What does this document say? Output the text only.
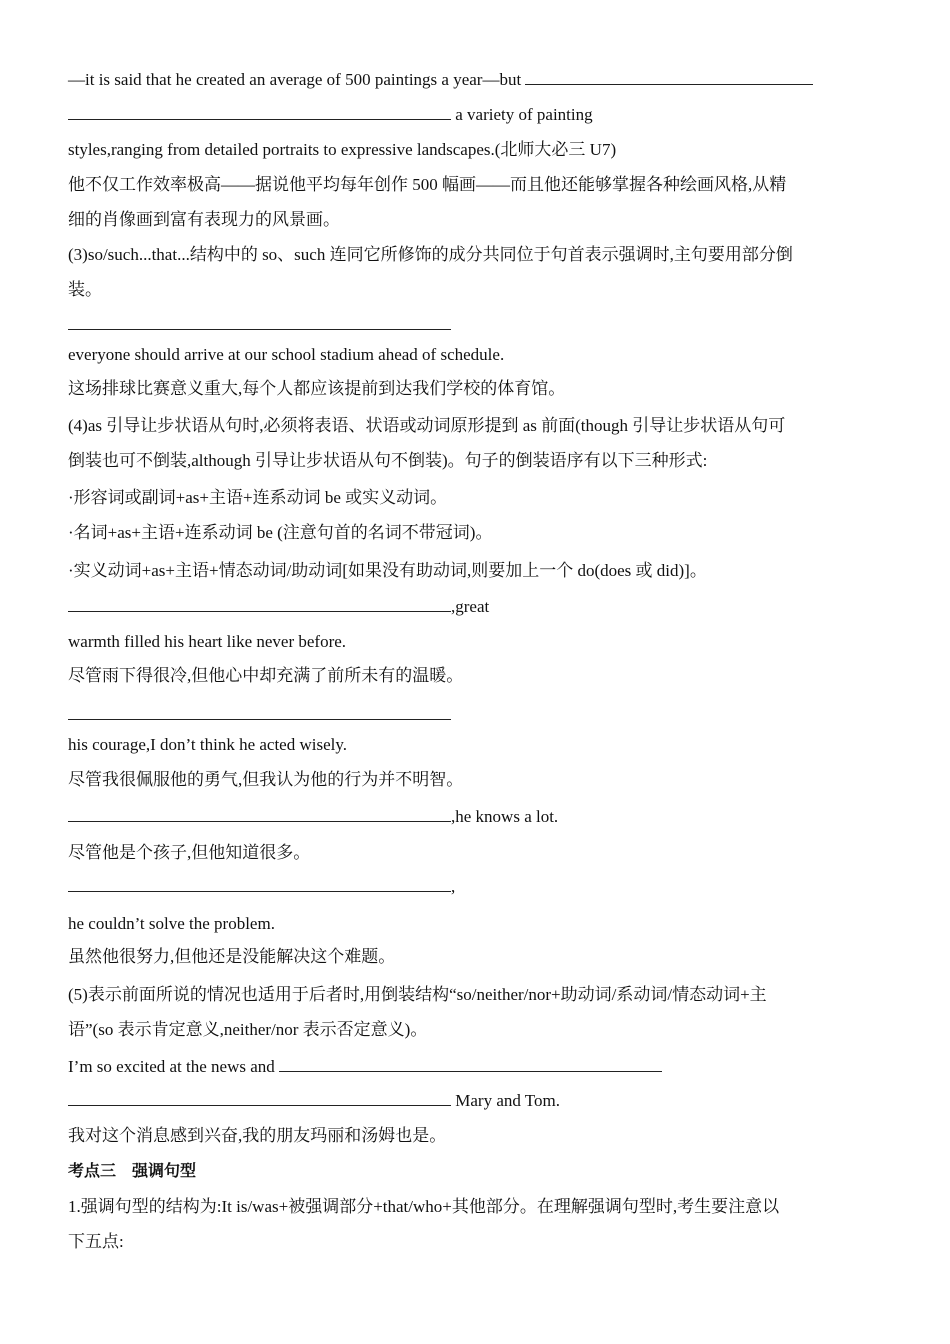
—it is said that he created an average of 500 paintings a year—but
a variety of painting
styles,ranging from detailed portraits to expressive landscapes.(北师大必三 U7)
他不仅工作效率极高——据说他平均每年创作 500 幅画——而且他还能够掌握各种绘画风格,从精
细的肖像画到富有表现力的风景画。
(3)so/such...that...结构中的 so、such 连同它所修饰的成分共同位于句首表示强调时,主句要用部分倒
装。
everyone should arrive at our school stadium ahead of schedule.
这场排球比赛意义重大,每个人都应该提前到达我们学校的体育馆。
(4)as 引导让步状语从句时,必须将表语、状语或动词原形提到 as 前面(though 引导让步状语从句可
倒装也可不倒装,although 引导让步状语从句不倒装)。句子的倒装语序有以下三种形式:
·形容词或副词+as+主语+连系动词 be 或实义动词。
·名词+as+主语+连系动词 be (注意句首的名词不带冠词)。
·实义动词+as+主语+情态动词/助动词[如果没有助动词,则要加上一个 do(does 或 did)]。
,great
warmth filled his heart like never before.
尽管雨下得很冷,但他心中却充满了前所未有的温暖。
his courage,I don’t think he acted wisely.
尽管我很佩服他的勇气,但我认为他的行为并不明智。
,he knows a lot.
尽管他是个孩子,但他知道很多。
,
he couldn’t solve the problem.
虽然他很努力,但他还是没能解决这个难题。
(5)表示前面所说的情况也适用于后者时,用倒装结构“so/neither/nor+助动词/系动词/情态动词+主
语”(so 表示肯定意义,neither/nor 表示否定意义)。
I’m so excited at the news and
Mary and Tom.
我对这个消息感到兴奋,我的朋友玛丽和汤姆也是。
考点三　强调句型
1.强调句型的结构为:It is/was+被强调部分+that/who+其他部分。在理解强调句型时,考生要注意以
下五点:
